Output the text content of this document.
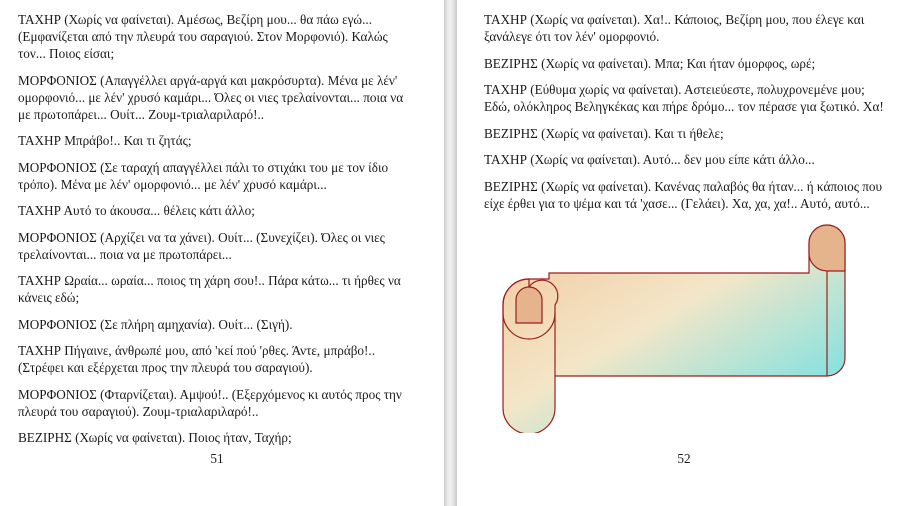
ΤΑΧΗΡ (Χωρίς να φαίνεται). Αμέσως, Βεζίρη μου... θα πάω εγώ... (Εμφανίζεται από την πλευρά του σαραγιού. Στον Μορφονιό). Καλώς τον... Ποιος είσαι;

ΜΟΡΦΟΝΙΟΣ (Απαγγέλλει αργά-αργά και μακρόσυρτα). Μένα με λέν' ομορφονιό... με λέν' χρυσό καμάρι... Όλες οι νιες τρελαίνονται... ποια να με πρωτοπάρει... Ουίτ... Ζουμ-τριαλαριλαρό!..

ΤΑΧΗΡ Μπράβο!.. Και τι ζητάς;

ΜΟΡΦΟΝΙΟΣ (Σε ταραχή απαγγέλλει πάλι το στιχάκι του με τον ίδιο τρόπο). Μένα με λέν' ομορφονιό... με λέν' χρυσό καμάρι...

ΤΑΧΗΡ Αυτό το άκουσα... θέλεις κάτι άλλο;

ΜΟΡΦΟΝΙΟΣ (Αρχίζει να τα χάνει). Ουίτ... (Συνεχίζει). Όλες οι νιες τρελαίνονται... ποια να με πρωτοπάρει...

ΤΑΧΗΡ Ωραία... ωραία... ποιος τη χάρη σου!.. Πάρα κάτω... τι ήρθες να κάνεις εδώ;

ΜΟΡΦΟΝΙΟΣ (Σε πλήρη αμηχανία). Ουίτ... (Σιγή).

ΤΑΧΗΡ Πήγαινε, άνθρωπέ μου, από 'κεί πού 'ρθες. Άντε, μπράβο!.. (Στρέφει και εξέρχεται προς την πλευρά του σαραγιού).

ΜΟΡΦΟΝΙΟΣ (Φταρνίζεται). Αμψού!.. (Εξερχόμενος κι αυτός προς την πλευρά του σαραγιού). Ζουμ-τριαλαριλαρό!..

ΒΕΖΙΡΗΣ (Χωρίς να φαίνεται). Ποιος ήταν, Ταχήρ;

51

ΤΑΧΗΡ (Χωρίς να φαίνεται). Χα!.. Κάποιος, Βεζίρη μου, που έλεγε και ξανάλεγε ότι τον λέν' ομορφονιό.

ΒΕΖΙΡΗΣ (Χωρίς να φαίνεται). Μπα; Και ήταν όμορφος, ωρέ;

ΤΑΧΗΡ (Εύθυμα χωρίς να φαίνεται). Αστειεύεστε, πολυχρονεμένε μου; Εδώ, ολόκληρος Βεληγκέκας και πήρε δρόμο... τον πέρασε για ξωτικό. Χα!

ΒΕΖΙΡΗΣ (Χωρίς να φαίνεται). Και τι ήθελε;

ΤΑΧΗΡ (Χωρίς να φαίνεται). Αυτό... δεν μου είπε κάτι άλλο...

ΒΕΖΙΡΗΣ (Χωρίς να φαίνεται). Κανένας παλαβός θα ήταν... ή κάποιος που είχε έρθει για το ψέμα και τά 'χασε... (Γελάει). Χα, χα, χα!.. Αυτό, αυτό...

52
